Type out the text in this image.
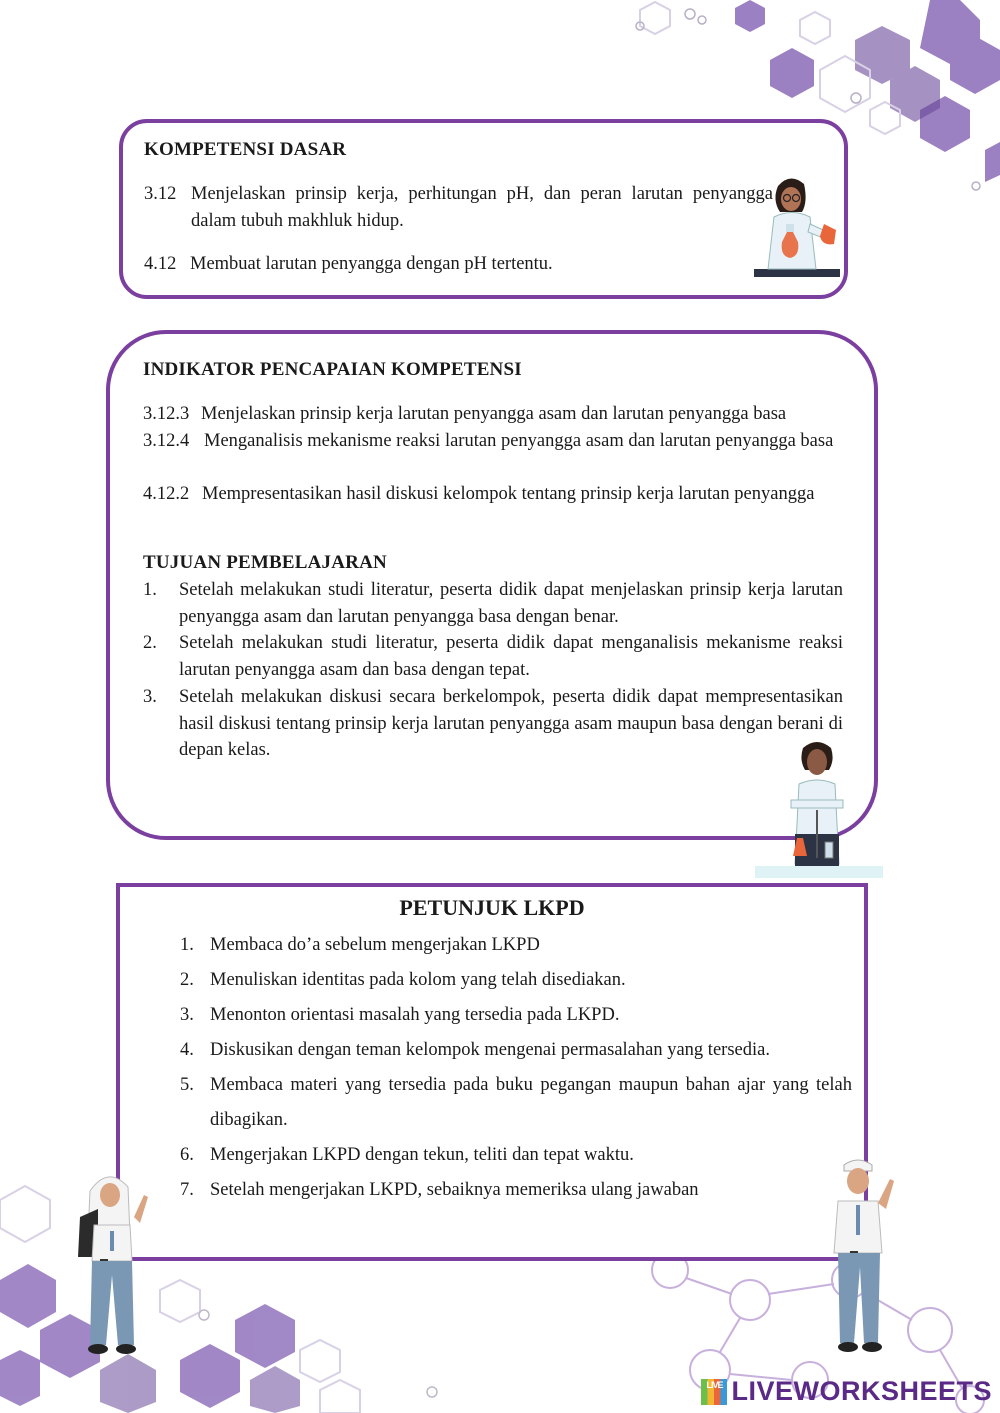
KOMPETENSI DASAR
3.12 Menjelaskan prinsip kerja, perhitungan pH, dan peran larutan penyangga dalam tubuh makhluk hidup.
4.12 Membuat larutan penyangga dengan pH tertentu.
INDIKATOR PENCAPAIAN KOMPETENSI
3.12.3 Menjelaskan prinsip kerja larutan penyangga asam dan larutan penyangga basa
3.12.4 Menganalisis mekanisme reaksi larutan penyangga asam dan larutan penyangga basa
4.12.2 Mempresentasikan hasil diskusi kelompok tentang prinsip kerja larutan penyangga
TUJUAN PEMBELAJARAN
1. Setelah melakukan studi literatur, peserta didik dapat menjelaskan prinsip kerja larutan penyangga asam dan larutan penyangga basa dengan benar.
2. Setelah melakukan studi literatur, peserta didik dapat menganalisis mekanisme reaksi larutan penyangga asam dan basa dengan tepat.
3. Setelah melakukan diskusi secara berkelompok, peserta didik dapat mempresentasikan hasil diskusi tentang prinsip kerja larutan penyangga asam maupun basa dengan berani di depan kelas.
PETUNJUK LKPD
1. Membaca do’a sebelum mengerjakan LKPD
2. Menuliskan identitas pada kolom yang telah disediakan.
3. Menonton orientasi masalah yang tersedia pada LKPD.
4. Diskusikan dengan teman kelompok mengenai permasalahan yang tersedia.
5. Membaca materi yang tersedia pada buku pegangan maupun bahan ajar yang telah dibagikan.
6. Mengerjakan LKPD dengan tekun, teliti dan tepat waktu.
7. Setelah mengerjakan LKPD, sebaiknya memeriksa ulang jawaban
LIVE LIVEWORKSHEETS
